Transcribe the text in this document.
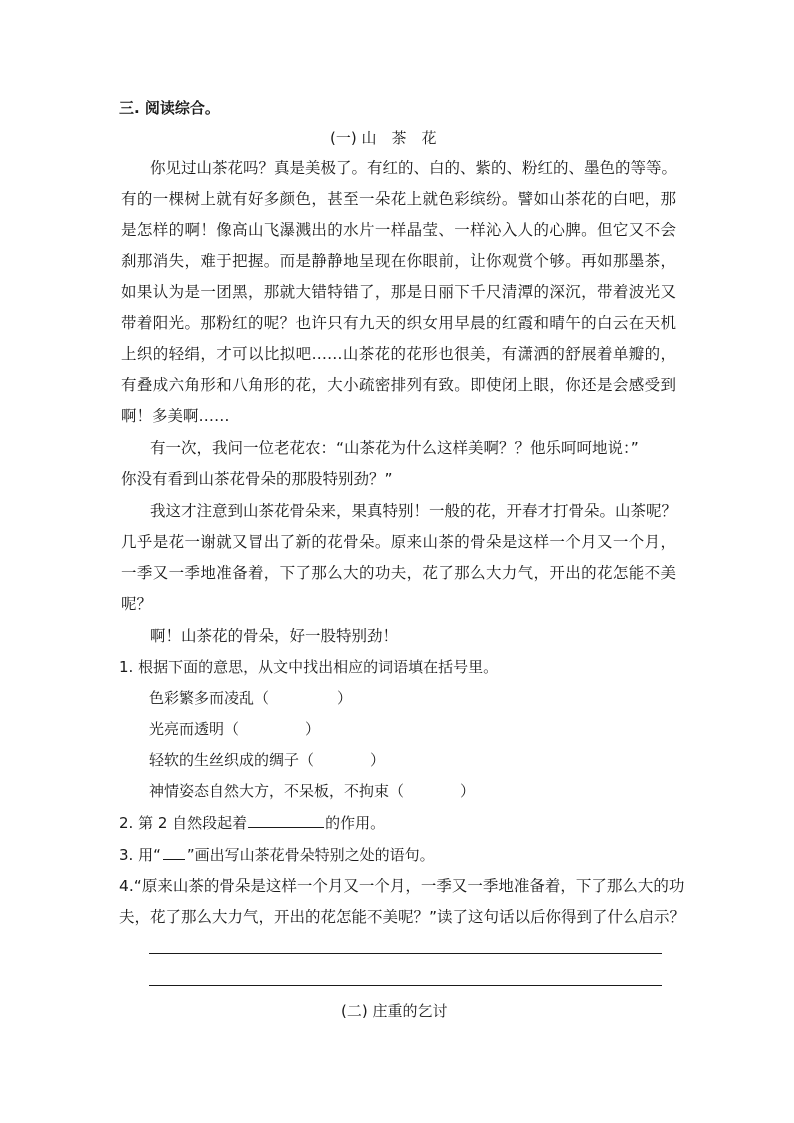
三. 阅读综合。
(一) 山　茶　花
你见过山茶花吗？真是美极了。有红的、白的、紫的、粉红的、墨色的等等。
有的一棵树上就有好多颜色，甚至一朵花上就色彩缤纷。譬如山茶花的白吧，那
是怎样的啊！像高山飞瀑溅出的水片一样晶莹、一样沁入人的心脾。但它又不会
刹那消失，难于把握。而是静静地呈现在你眼前，让你观赏个够。再如那墨茶，
如果认为是一团黑，那就大错特错了，那是日丽下千尺清潭的深沉，带着波光又
带着阳光。那粉红的呢？也许只有九天的织女用早晨的红霞和晴午的白云在天机
上织的轻绢，才可以比拟吧……山茶花的花形也很美，有潇洒的舒展着单瓣的，
有叠成六角形和八角形的花，大小疏密排列有致。即使闭上眼，你还是会感受到
啊！多美啊……
有一次，我问一位老花农：“山茶花为什么这样美啊？？他乐呵呵地说：”
你没有看到山茶花骨朵的那股特别劲？”
我这才注意到山茶花骨朵来，果真特别！一般的花，开春才打骨朵。山茶呢？
几乎是花一谢就又冒出了新的花骨朵。原来山茶的骨朵是这样一个月又一个月，
一季又一季地准备着，下了那么大的功夫，花了那么大力气，开出的花怎能不美
呢？
啊！山茶花的骨朵，好一股特别劲！
1. 根据下面的意思，从文中找出相应的词语填在括号里。
色彩繁多而凌乱（	）
光亮而透明（	）
轻软的生丝织成的绸子（	）
神情姿态自然大方，不呆板，不拘束（	）
2. 第 2 自然段起着	的作用。
3. 用“ ”画出写山茶花骨朵特别之处的语句。
4.“原来山茶的骨朵是这样一个月又一个月，一季又一季地准备着，下了那么大的功
夫，花了那么大力气，开出的花怎能不美呢？”读了这句话以后你得到了什么启示？
(二) 庄重的乞讨
